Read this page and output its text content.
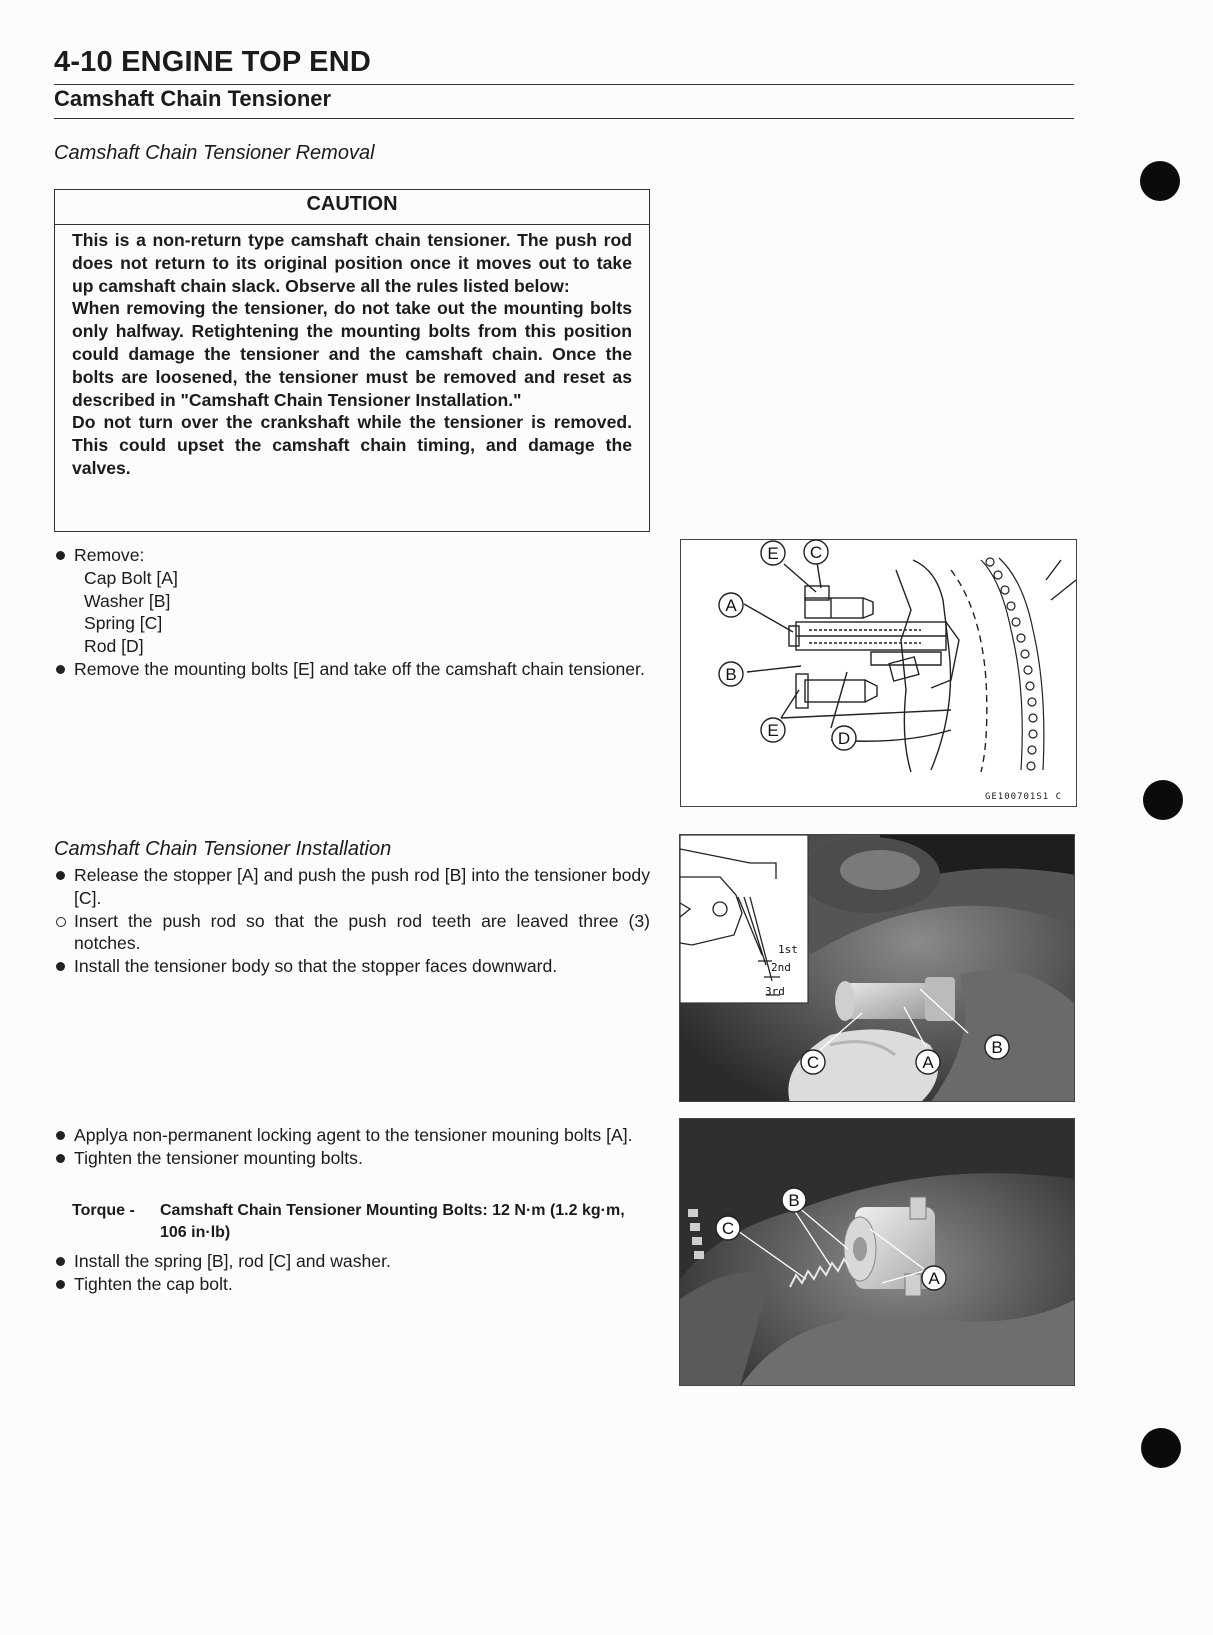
4-10 ENGINE TOP END
Camshaft Chain Tensioner
Camshaft Chain Tensioner Removal
CAUTION

This is a non-return type camshaft chain tensioner. The push rod does not return to its original position once it moves out to take up camshaft chain slack. Observe all the rules listed below:

When removing the tensioner, do not take out the mounting bolts only halfway. Retightening the mounting bolts from this position could damage the tensioner and the camshaft chain. Once the bolts are loosened, the tensioner must be removed and reset as described in "Camshaft Chain Tensioner Installation."

Do not turn over the crankshaft while the tensioner is removed. This could upset the camshaft chain timing, and damage the valves.

Remove:
Cap Bolt [A]
Washer [B]
Spring [C]
Rod [D]
Remove the mounting bolts [E] and take off the camshaft chain tensioner.
E C
A
B
E	D
GE100701S1 C
Camshaft Chain Tensioner Installation
Release the stopper [A] and push the push rod [B] into the tensioner body [C].
Insert the push rod so that the push rod teeth are leaved three (3) notches.
Install the tensioner body so that the stopper faces downward.
1st
2nd
3rd
C	A
B
Applya non-permanent locking agent to the tensioner mouning bolts [A].
Tighten the tensioner mounting bolts.
Torque - Camshaft Chain Tensioner Mounting Bolts: 12 N·m (1.2 kg·m, 106 in·lb)
Install the spring [B], rod [C] and washer.
Tighten the cap bolt.
B
C
A
